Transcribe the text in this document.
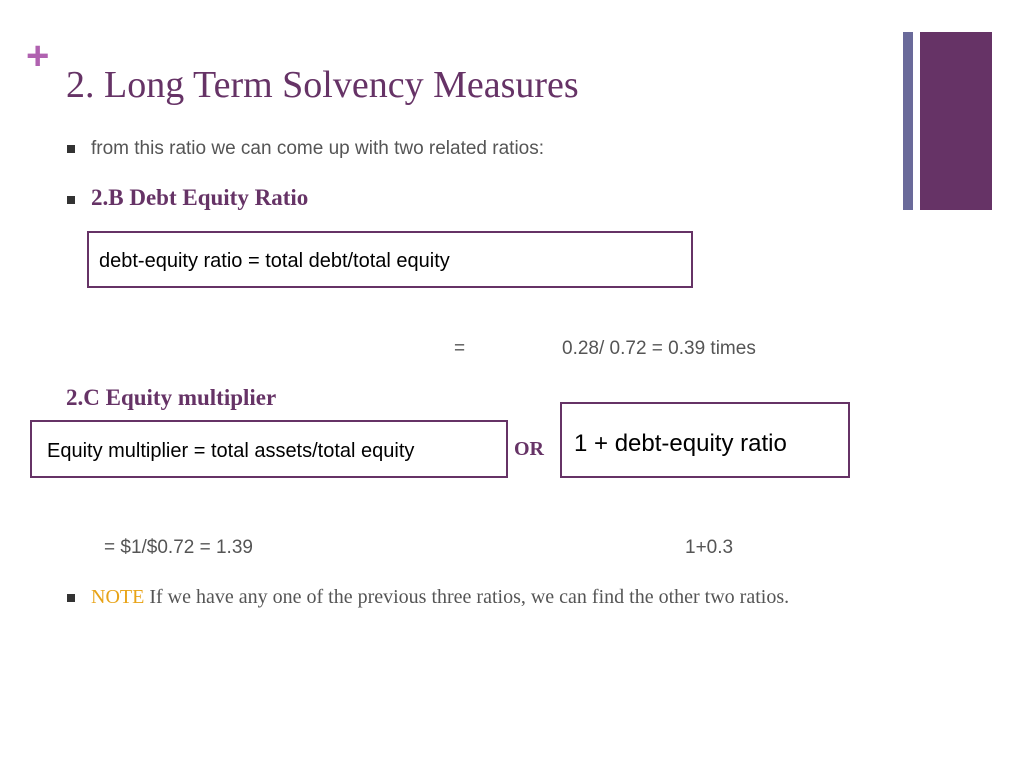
+
2. Long Term Solvency Measures
from this ratio we can come up with two related ratios:
2.B Debt Equity Ratio
debt-equity ratio = total debt/total equity
=	0.28/ 0.72 = 0.39 times
2.C Equity multiplier
Equity multiplier = total assets/total equity	OR	1 + debt-equity ratio
= $1/$0.72 = 1.39	1+0.3
NOTE If we have any one of the previous three ratios, we can find the other two ratios.
